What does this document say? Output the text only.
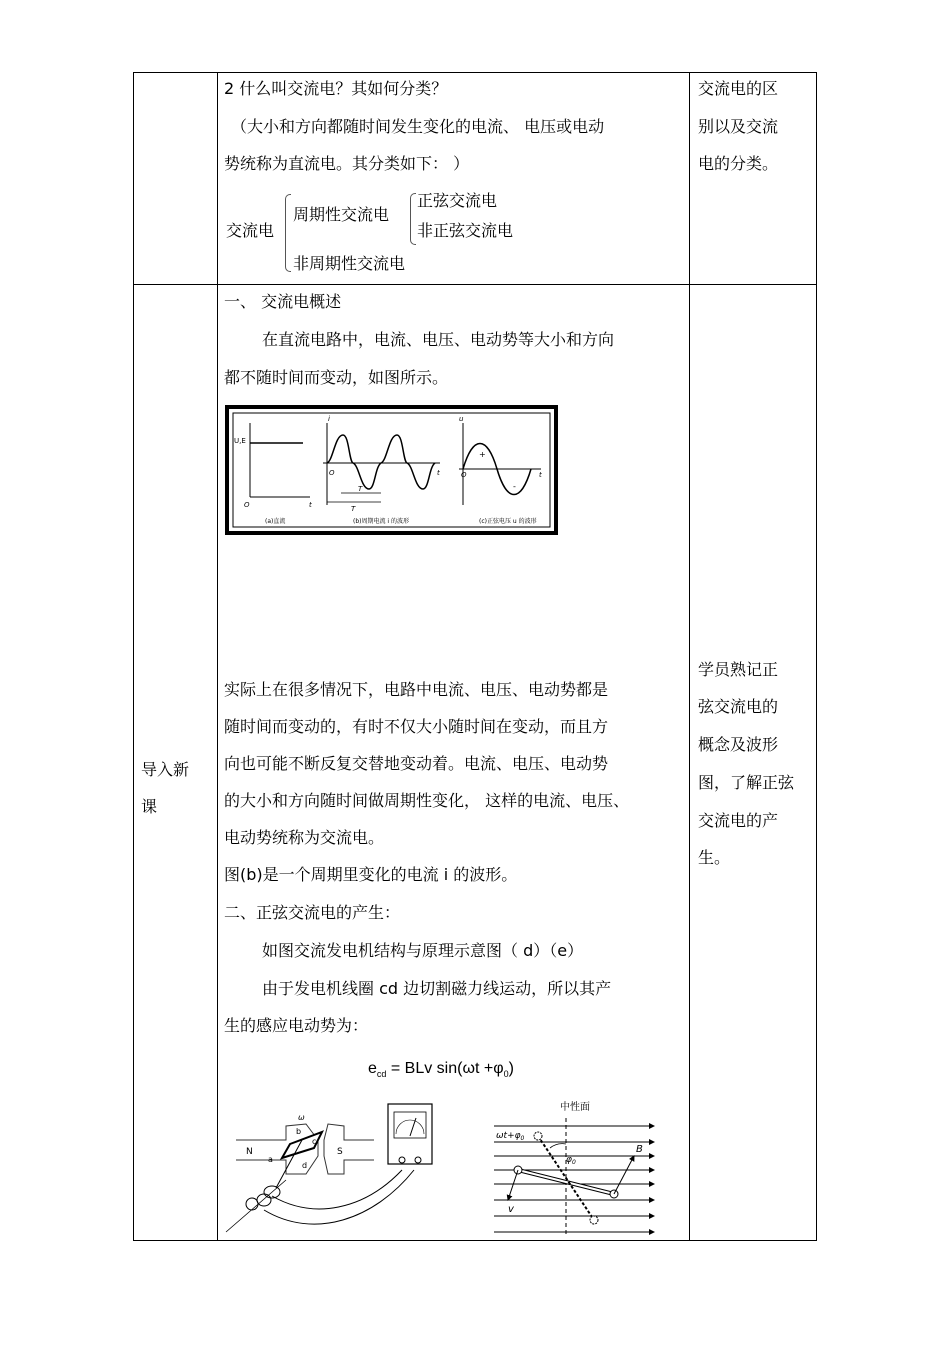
2 什么叫交流电？其如何分类？
（大小和方向都随时间发生变化的电流、 电压或电动
势统称为直流电。其分类如下： ）
交流电
周期性交流电
正弦交流电
非正弦交流电
非周期性交流电
交流电的区
别以及交流
电的分类。
导入新
课
一、 交流电概述
在直流电路中，电流、电压、电动势等大小和方向
都不随时间而变动，如图所示。
U,E
O	t
(a)直流
i
O	t
T
T
(b)周期电流 i 的波形
u
O	t
+
-
(c)正弦电压 u 的波形
实际上在很多情况下，电路中电流、电压、电动势都是
随时间而变动的，有时不仅大小随时间在变动，而且方
向也可能不断反复交替地变动着。电流、电压、电动势
的大小和方向随时间做周期性变化， 这样的电流、电压、
电动势统称为交流电。
图(b)是一个周期里变化的电流 i 的波形。
二、正弦交流电的产生：
如图交流发电机结构与原理示意图（ d）（e）
由于发电机线圈 cd 边切割磁力线运动，所以其产
生的感应电动势为：
$e_{cd}$ = BLv $\sin(\omega t +\varphi_0)$
N	S
a
b
c
d
ω
中性面
$\omega t+\varphi_0$
$\varphi_0$
B
v
学员熟记正
弦交流电的
概念及波形
图，了解正弦
交流电的产
生。
